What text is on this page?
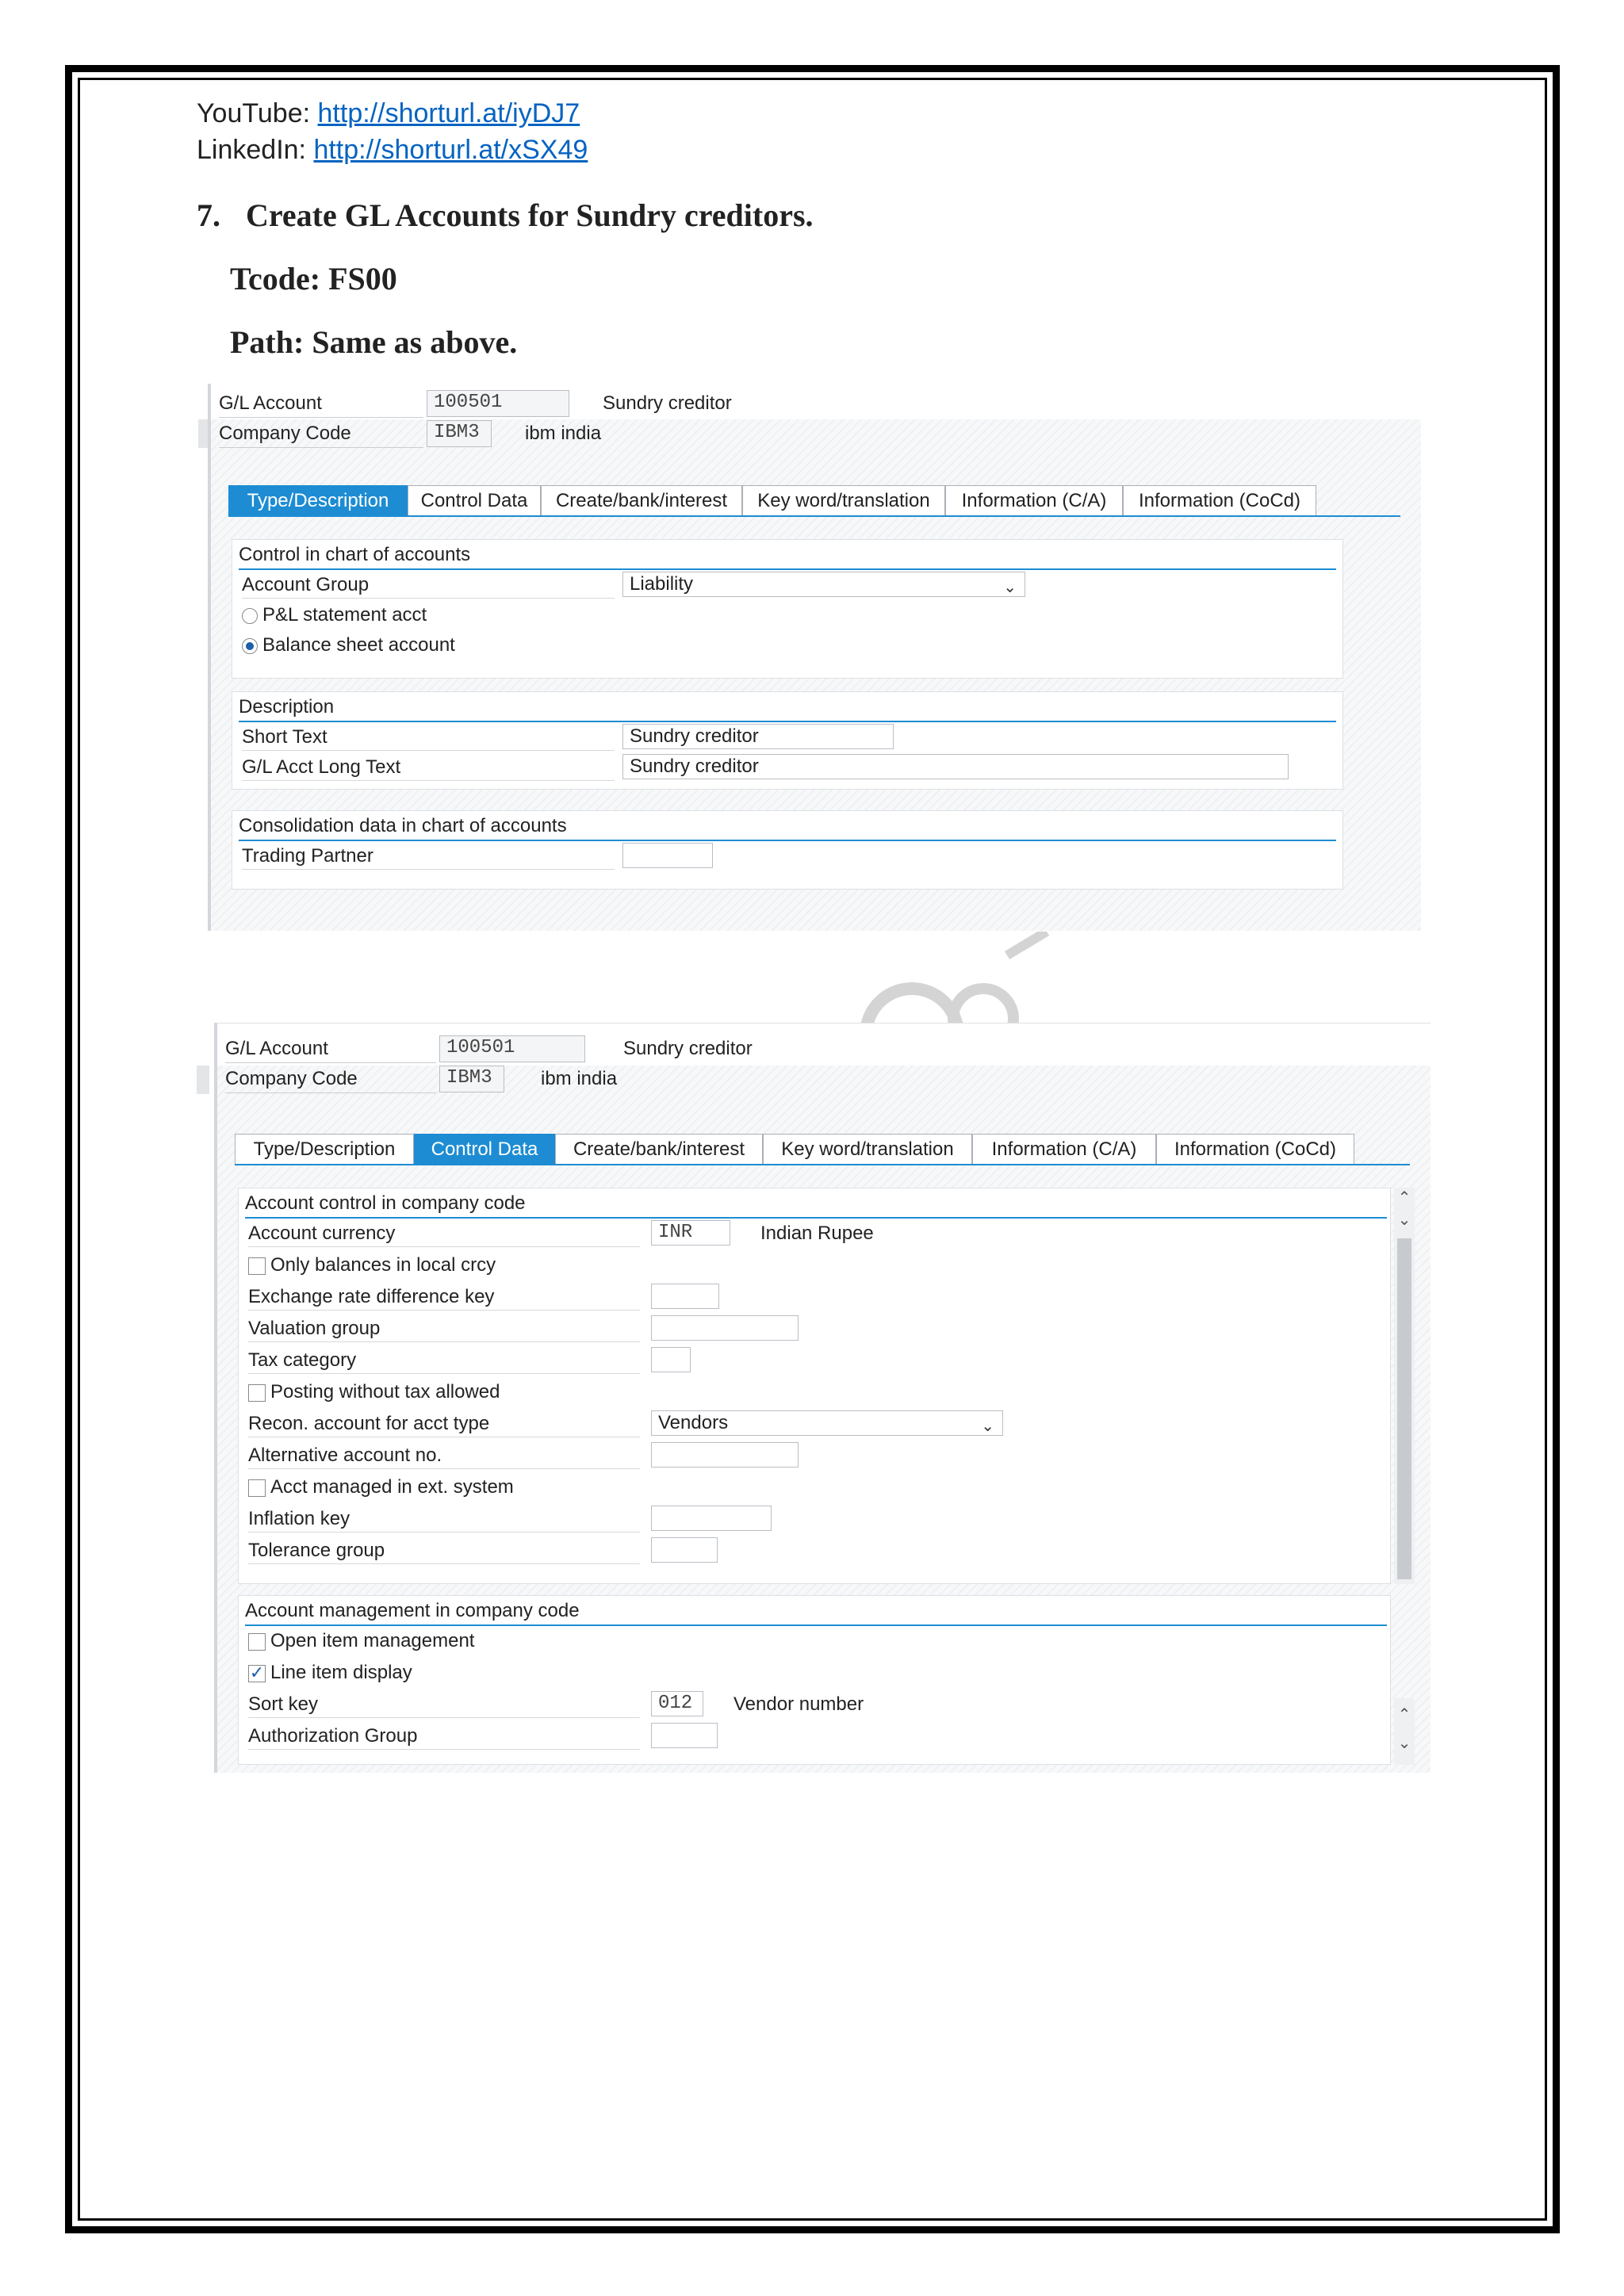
YouTube: http://shorturl.at/iyDJ7
LinkedIn: http://shorturl.at/xSX49
7. Create GL Accounts for Sundry creditors.
Tcode: FS00
Path: Same as above.
G/L Account	100501	Sundry creditor
Company Code	IBM3	ibm india
Type/Description	Control Data	Create/bank/interest	Key word/translation	Information (C/A)	Information (CoCd)
Control in chart of accounts
Account Group	Liability	⌄
P&L statement acct
Balance sheet account
Description
Short Text	Sundry creditor
G/L Acct Long Text	Sundry creditor
Consolidation data in chart of accounts
Trading Partner
G/L Account	100501	Sundry creditor
Company Code	IBM3	ibm india
Type/Description	Control Data	Create/bank/interest	Key word/translation	Information (C/A)	Information (CoCd)
Account control in company code
Account currency	INR	Indian Rupee
Only balances in local crcy
Exchange rate difference key
Valuation group
Tax category
Posting without tax allowed
Recon. account for acct type	Vendors	⌄
Alternative account no.
Acct managed in ext. system
Inflation key
Tolerance group
Account management in company code
Open item management
✓ Line item display
Sort key	012	Vendor number
Authorization Group
⌃
⌄
⌃
⌄
